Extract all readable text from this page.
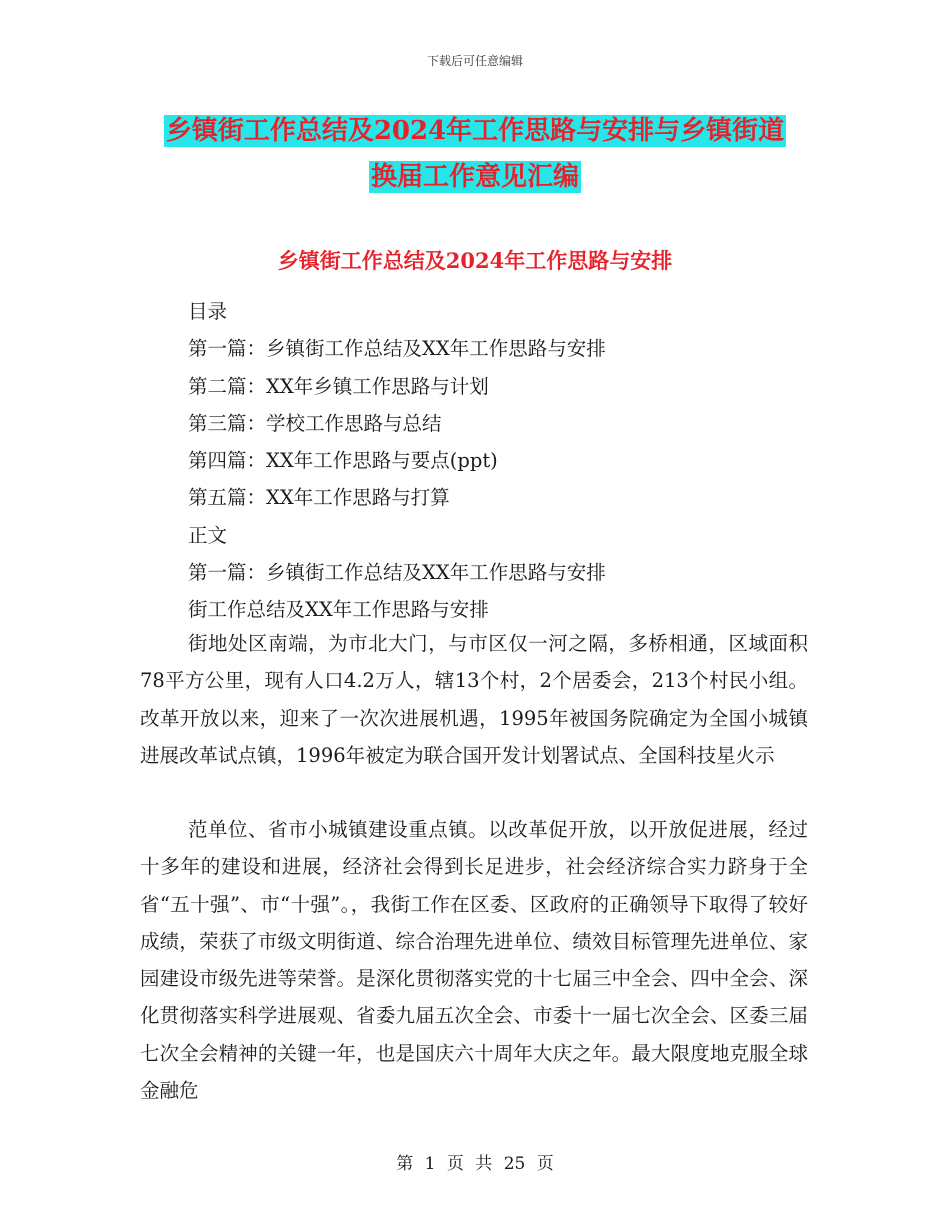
下载后可任意编辑
乡镇街工作总结及2024年工作思路与安排与乡镇街道
换届工作意见汇编
乡镇街工作总结及2024年工作思路与安排
目录
第一篇：乡镇街工作总结及XX年工作思路与安排
第二篇：XX年乡镇工作思路与计划
第三篇：学校工作思路与总结
第四篇：XX年工作思路与要点(ppt)
第五篇：XX年工作思路与打算
正文
第一篇：乡镇街工作总结及XX年工作思路与安排
街工作总结及XX年工作思路与安排

街地处区南端，为市北大门，与市区仅一河之隔，多桥相通，区域面积78平方公里，现有人口4.2万人，辖13个村，2个居委会，213个村民小组。改革开放以来，迎来了一次次进展机遇，1995年被国务院确定为全国小城镇进展改革试点镇，1996年被定为联合国开发计划署试点、全国科技星火示

范单位、省市小城镇建设重点镇。以改革促开放，以开放促进展，经过十多年的建设和进展，经济社会得到长足进步，社会经济综合实力跻身于全省“五十强”、市“十强”。，我街工作在区委、区政府的正确领导下取得了较好成绩，荣获了市级文明街道、综合治理先进单位、绩效目标管理先进单位、家园建设市级先进等荣誉。是深化贯彻落实党的十七届三中全会、四中全会、深化贯彻落实科学进展观、省委九届五次全会、市委十一届七次全会、区委三届七次全会精神的关键一年，也是国庆六十周年大庆之年。最大限度地克服全球金融危

第 1 页 共 25 页
